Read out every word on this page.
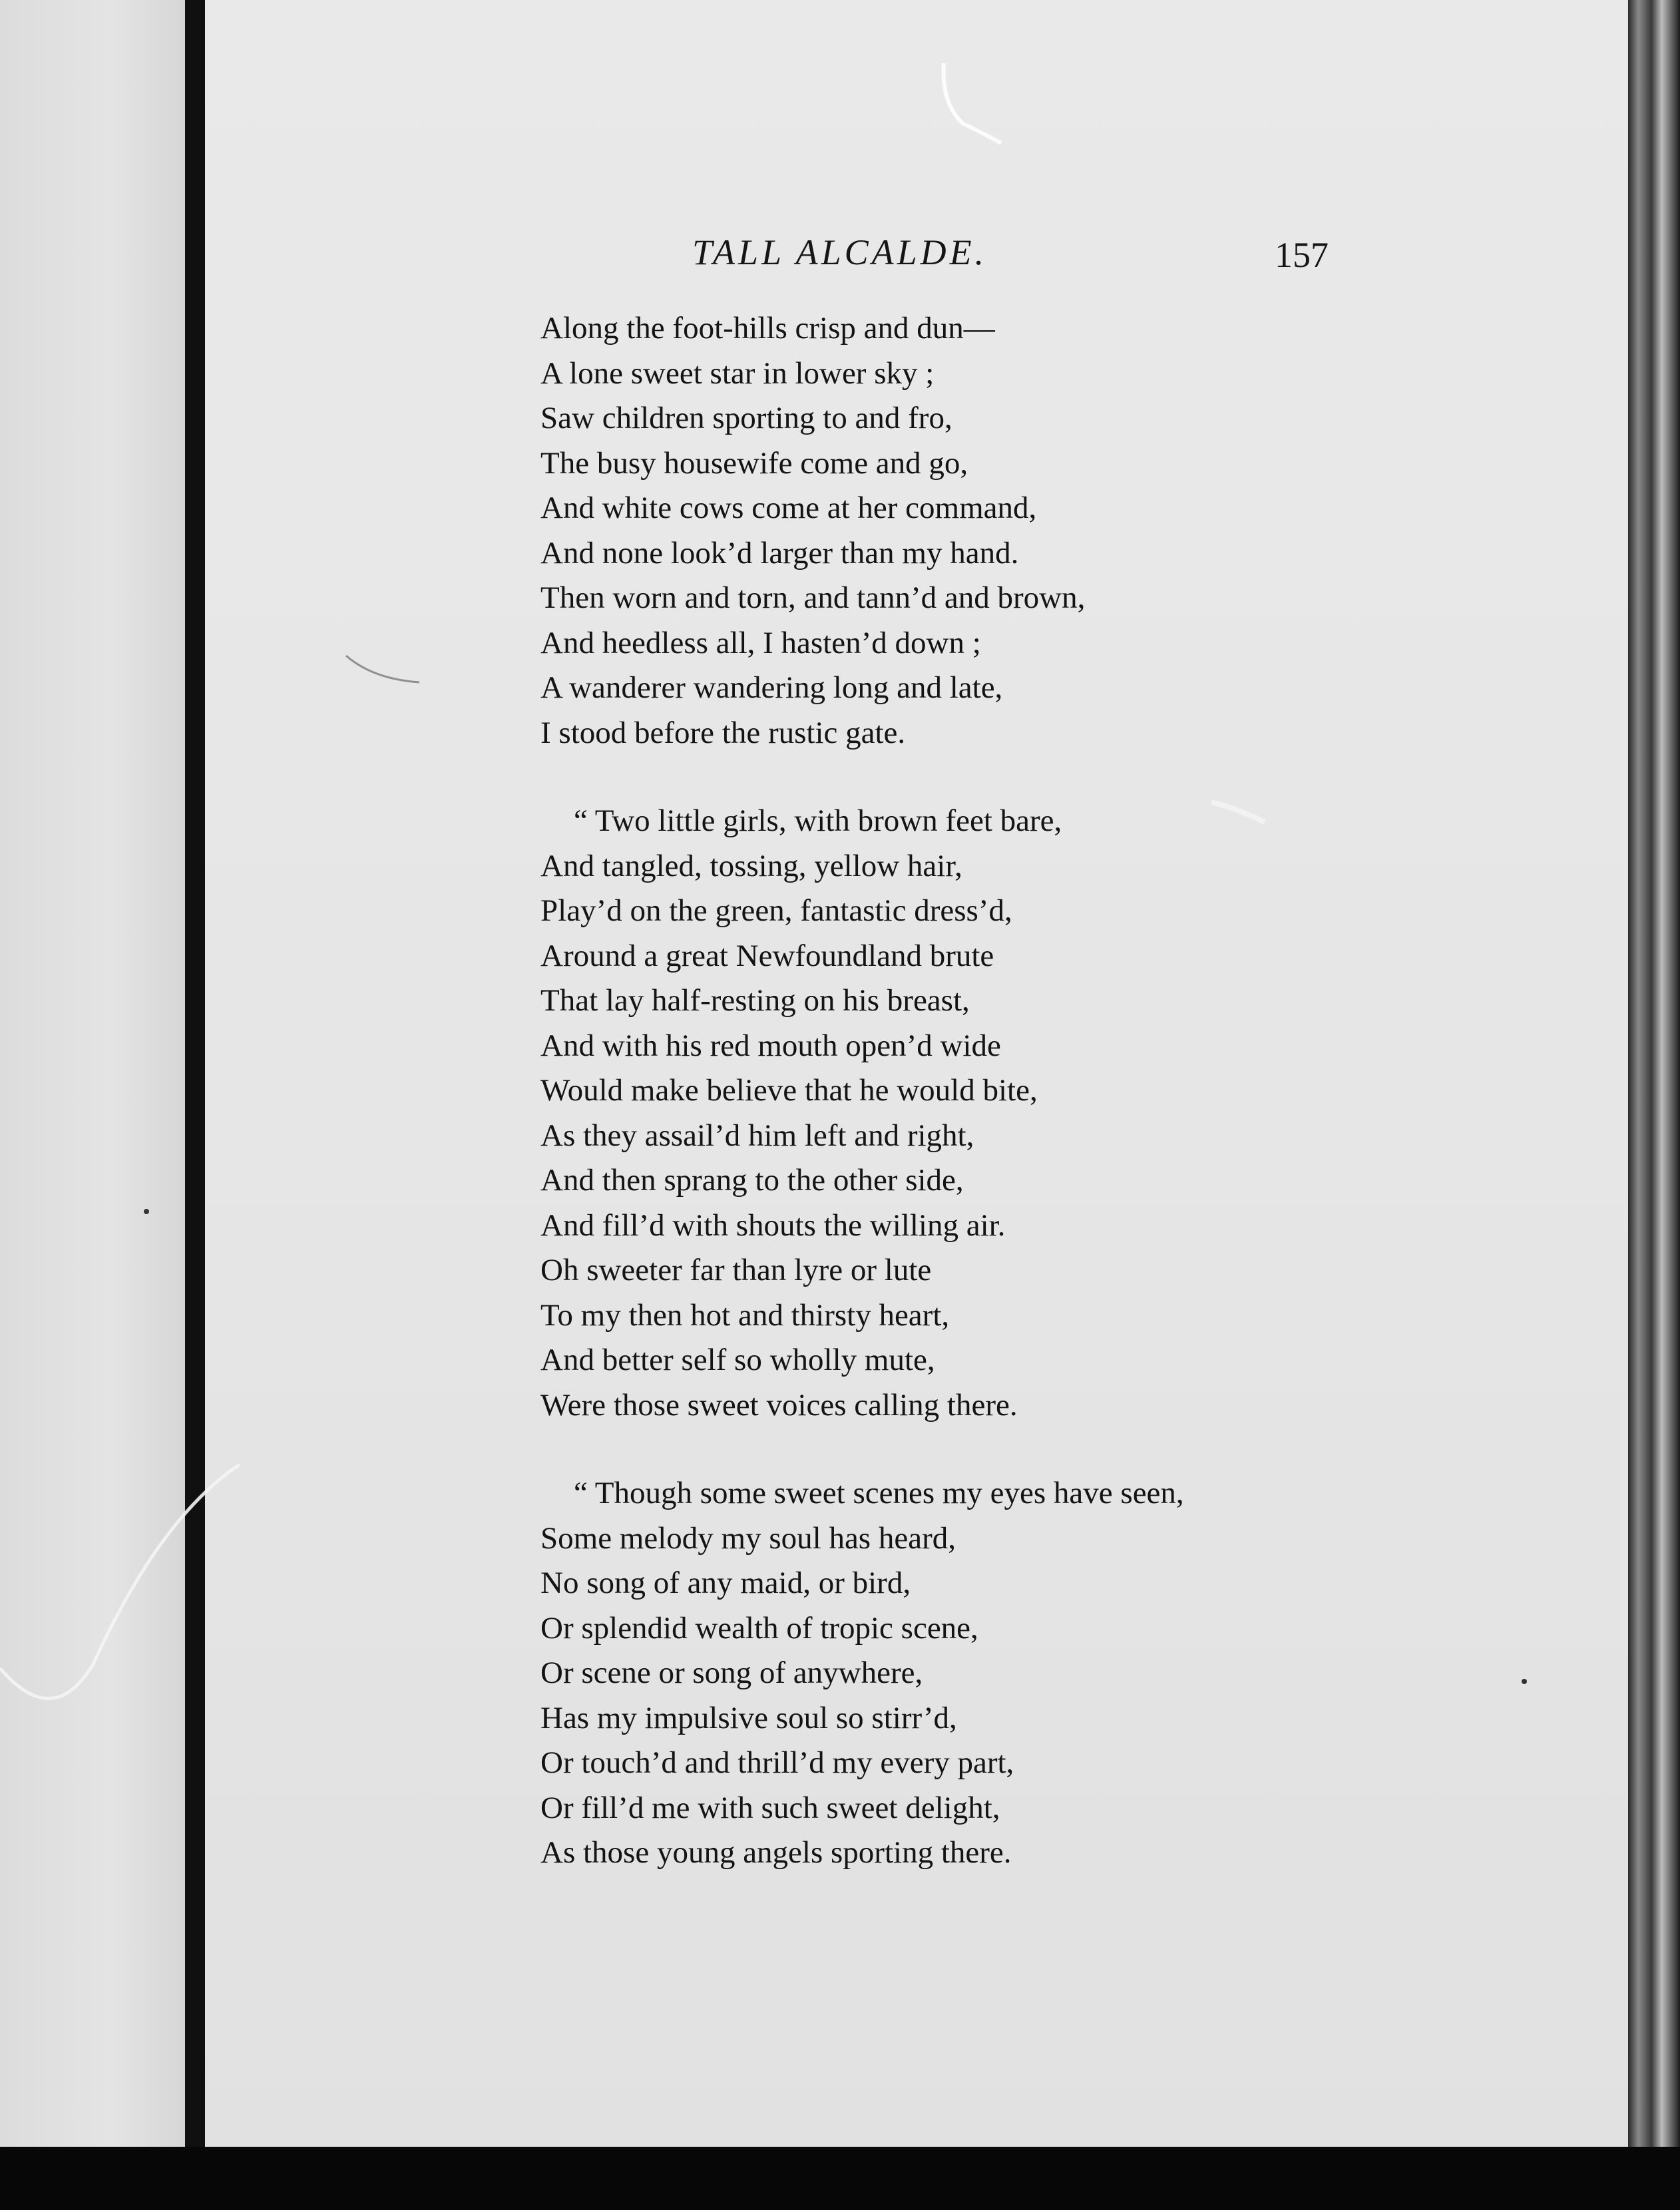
TALL ALCALDE.	157
Along the foot-hills crisp and dun—
A lone sweet star in lower sky ;
Saw children sporting to and fro,
The busy housewife come and go,
And white cows come at her command,
And none look’d larger than my hand.
Then worn and torn, and tann’d and brown,
And heedless all, I hasten’d down ;
A wanderer wandering long and late,
I stood before the rustic gate.
“ Two little girls, with brown feet bare,
And tangled, tossing, yellow hair,
Play’d on the green, fantastic dress’d,
Around a great Newfoundland brute
That lay half-resting on his breast,
And with his red mouth open’d wide
Would make believe that he would bite,
As they assail’d him left and right,
And then sprang to the other side,
And fill’d with shouts the willing air.
Oh sweeter far than lyre or lute
To my then hot and thirsty heart,
And better self so wholly mute,
Were those sweet voices calling there.
“ Though some sweet scenes my eyes have seen,
Some melody my soul has heard,
No song of any maid, or bird,
Or splendid wealth of tropic scene,
Or scene or song of anywhere,
Has my impulsive soul so stirr’d,
Or touch’d and thrill’d my every part,
Or fill’d me with such sweet delight,
As those young angels sporting there.
